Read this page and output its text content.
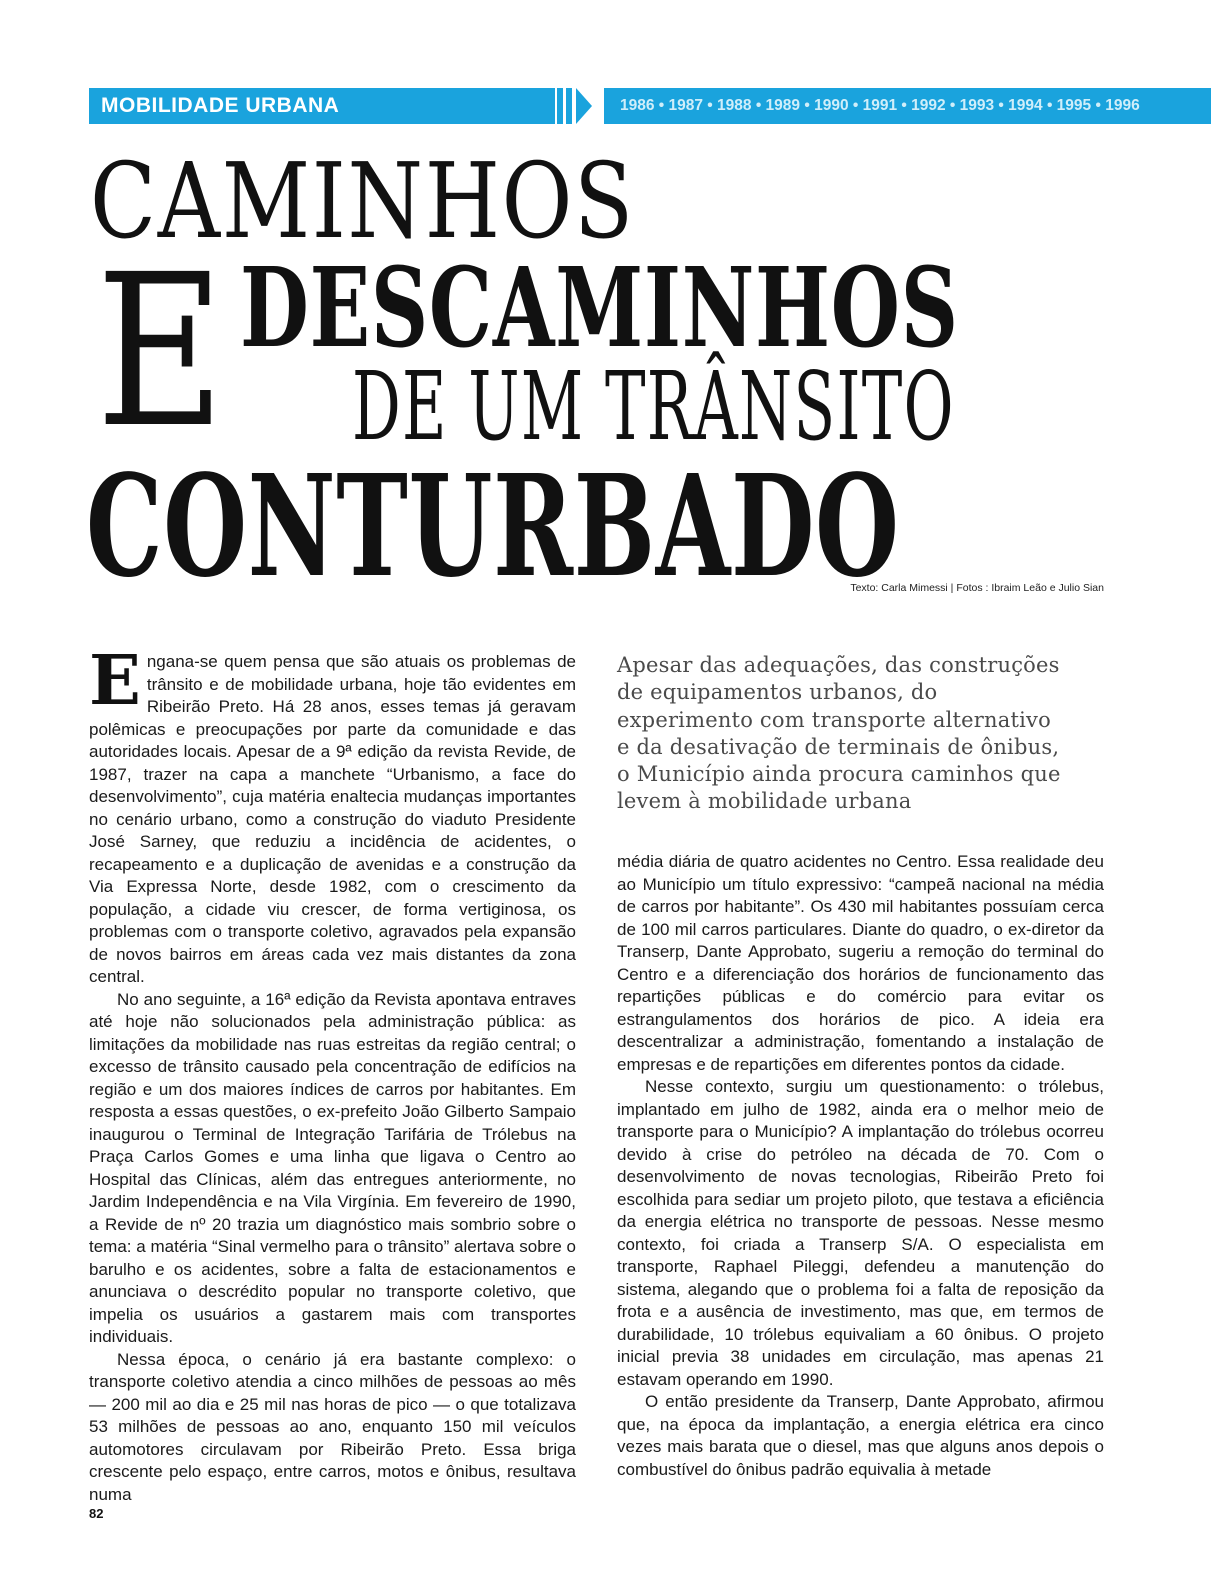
MOBILIDADE URBANA	1986 • 1987 • 1988 • 1989 • 1990 • 1991 • 1992 • 1993 • 1994 • 1995 • 1996
CAMINHOS
E DESCAMINHOS
DE UM TRÂNSITO
CONTURBADO
Texto: Carla Mimessi | Fotos : Ibraim Leão e Julio Sian

Engana-se quem pensa que são atuais os problemas de trânsito e de mobilidade urbana, hoje tão evidentes em Ribeirão Preto. Há 28 anos, esses temas já geravam polêmicas e preocupações por parte da comunidade e das autoridades locais. Apesar de a 9ª edição da revista Revide, de 1987, trazer na capa a manchete “Urbanismo, a face do desenvolvimento”, cuja matéria enaltecia mudanças importantes no cenário urbano, como a construção do viaduto Presidente José Sarney, que reduziu a incidência de acidentes, o recapeamento e a duplicação de avenidas e a construção da Via Expressa Norte, desde 1982, com o crescimento da população, a cidade viu crescer, de forma vertiginosa, os problemas com o transporte coletivo, agravados pela expansão de novos bairros em áreas cada vez mais distantes da zona central.

No ano seguinte, a 16ª edição da Revista apontava entraves até hoje não solucionados pela administração pública: as limitações da mobilidade nas ruas estreitas da região central; o excesso de trânsito causado pela concentração de edifícios na região e um dos maiores índices de carros por habitantes. Em resposta a essas questões, o ex-prefeito João Gilberto Sampaio inaugurou o Terminal de Integração Tarifária de Trólebus na Praça Carlos Gomes e uma linha que ligava o Centro ao Hospital das Clínicas, além das entregues anteriormente, no Jardim Independência e na Vila Virgínia. Em fevereiro de 1990, a Revide de nº 20 trazia um diagnóstico mais sombrio sobre o tema: a matéria “Sinal vermelho para o trânsito” alertava sobre o barulho e os acidentes, sobre a falta de estacionamentos e anunciava o descrédito popular no transporte coletivo, que impelia os usuários a gastarem mais com transportes individuais.

Nessa época, o cenário já era bastante complexo: o transporte coletivo atendia a cinco milhões de pessoas ao mês — 200 mil ao dia e 25 mil nas horas de pico — o que totalizava 53 milhões de pessoas ao ano, enquanto 150 mil veículos automotores circulavam por Ribeirão Preto. Essa briga crescente pelo espaço, entre carros, motos e ônibus, resultava numa

Apesar das adequações, das construções
de equipamentos urbanos, do
experimento com transporte alternativo
e da desativação de terminais de ônibus,
o Município ainda procura caminhos que
levem à mobilidade urbana

média diária de quatro acidentes no Centro. Essa realidade deu ao Município um título expressivo: “campeã nacional na média de carros por habitante”. Os 430 mil habitantes possuíam cerca de 100 mil carros particulares. Diante do quadro, o ex-diretor da Transerp, Dante Approbato, sugeriu a remoção do terminal do Centro e a diferenciação dos horários de funcionamento das repartições públicas e do comércio para evitar os estrangulamentos dos horários de pico. A ideia era descentralizar a administração, fomentando a instalação de empresas e de repartições em diferentes pontos da cidade.

Nesse contexto, surgiu um questionamento: o trólebus, implantado em julho de 1982, ainda era o melhor meio de transporte para o Município? A implantação do trólebus ocorreu devido à crise do petróleo na década de 70. Com o desenvolvimento de novas tecnologias, Ribeirão Preto foi escolhida para sediar um projeto piloto, que testava a eficiência da energia elétrica no transporte de pessoas. Nesse mesmo contexto, foi criada a Transerp S/A. O especialista em transporte, Raphael Pileggi, defendeu a manutenção do sistema, alegando que o problema foi a falta de reposição da frota e a ausência de investimento, mas que, em termos de durabilidade, 10 trólebus equivaliam a 60 ônibus. O projeto inicial previa 38 unidades em circulação, mas apenas 21 estavam operando em 1990.

O então presidente da Transerp, Dante Approbato, afirmou que, na época da implantação, a energia elétrica era cinco vezes mais barata que o diesel, mas que alguns anos depois o combustível do ônibus padrão equivalia à metade

82
